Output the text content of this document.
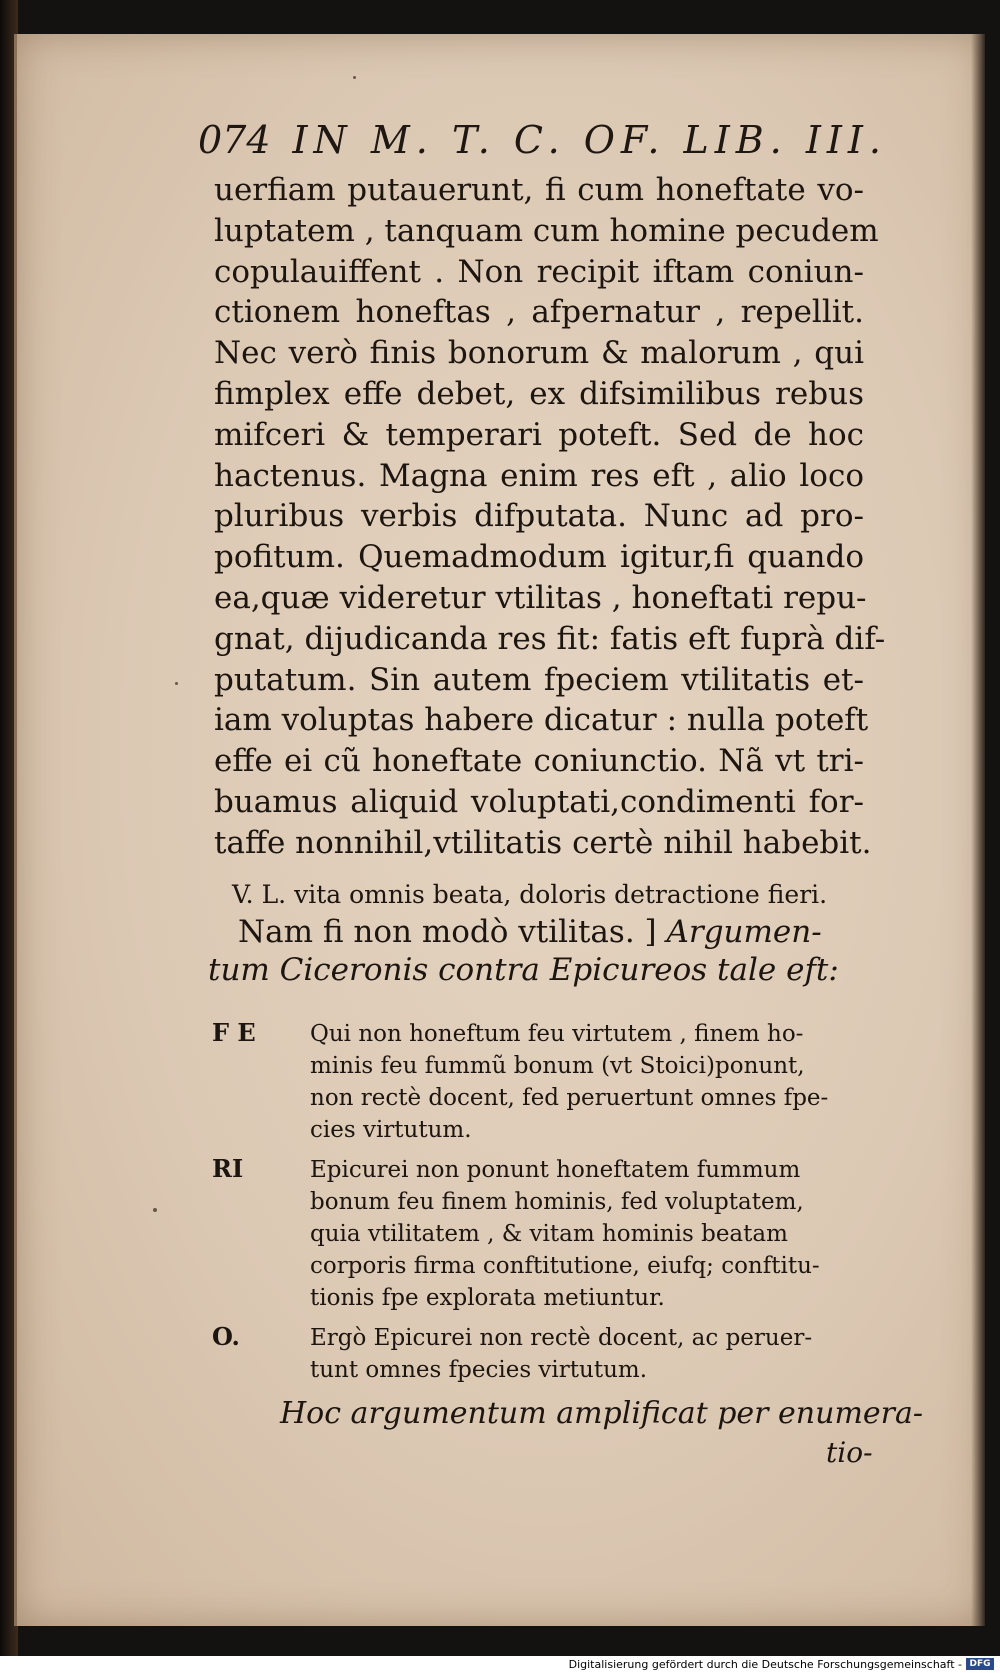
074 IN M. T. C. OF. LIB. III.
uerfiam putauerunt, fi cum honeftate vo-
luptatem , tanquam cum homine pecudem
copulauiffent . Non recipit iftam coniun-
ctionem honeftas , afpernatur , repellit.
Nec verò finis bonorum & malorum , qui
fimplex effe debet, ex difsimilibus rebus
mifceri & temperari poteft. Sed de hoc
hactenus. Magna enim res eft , alio loco
pluribus verbis difputata. Nunc ad pro-
pofitum. Quemadmodum igitur,fi quando
ea,quæ videretur vtilitas , honeftati repu-
gnat, dijudicanda res fit: fatis eft fuprà dif-
putatum. Sin autem fpeciem vtilitatis et-
iam voluptas habere dicatur : nulla poteft
effe ei cũ honeftate coniunctio. Nã vt tri-
buamus aliquid voluptati,condimenti for-
taffe nonnihil,vtilitatis certè nihil habebit.
V. L. vita omnis beata, doloris detractione fieri.
Nam fi non modò vtilitas. ] Argumen-
tum Ciceronis contra Epicureos tale eft:
F E Qui non honeftum feu virtutem , finem ho-
minis feu fummũ bonum (vt Stoici)ponunt,
non rectè docent, fed peruertunt omnes fpe-
cies virtutum.
RI	Epicurei non ponunt honeftatem fummum
bonum feu finem hominis, fed voluptatem,
quia vtilitatem , & vitam hominis beatam
corporis firma conftitutione, eiufq; conftitu-
tionis fpe explorata metiuntur.
O.	Ergò Epicurei non rectè docent, ac peruer-
tunt omnes fpecies virtutum.
Hoc argumentum amplificat per enumera-
tio-
Digitalisierung gefördert durch die Deutsche Forschungsgemeinschaft - DFG
